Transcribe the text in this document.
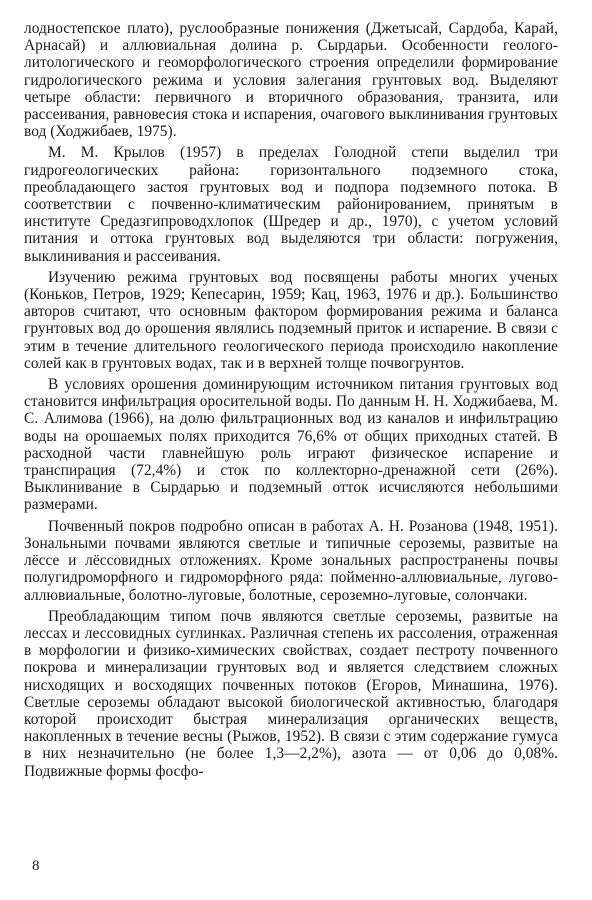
лодностепское плато), руслообразные понижения (Джетысай, Сардоба, Карай, Арнасай) и аллювиальная долина р. Сырдарьи. Особенности геолого-литологического и геоморфологического строения определили формирование гидрологического режима и условия залегания грунтовых вод. Выделяют четыре области: первичного и вторичного образования, транзита, или рассеивания, равновесия стока и испарения, очагового выклинивания грунтовых вод (Ходжибаев, 1975).

М. М. Крылов (1957) в пределах Голодной степи выделил три гидрогеологических района: горизонтального подземного стока, преобладающего застоя грунтовых вод и подпора подземного потока. В соответствии с почвенно-климатическим районированием, принятым в институте Средазгипроводхлопок (Шредер и др., 1970), с учетом условий питания и оттока грунтовых вод выделяются три области: погружения, выклинивания и рассеивания.

Изучению режима грунтовых вод посвящены работы многих ученых (Коньков, Петров, 1929; Кепесарин, 1959; Кац, 1963, 1976 и др.). Большинство авторов считают, что основным фактором формирования режима и баланса грунтовых вод до орошения являлись подземный приток и испарение. В связи с этим в течение длительного геологического периода происходило накопление солей как в грунтовых водах, так и в верхней толще почвогрунтов.

В условиях орошения доминирующим источником питания грунтовых вод становится инфильтрация оросительной воды. По данным Н. Н. Ходжибаева, М. С. Алимова (1966), на долю фильтрационных вод из каналов и инфильтрацию воды на орошаемых полях приходится 76,6% от общих приходных статей. В расходной части главнейшую роль играют физическое испарение и транспирация (72,4%) и сток по коллекторно-дренажной сети (26%). Выклинивание в Сырдарью и подземный отток исчисляются небольшими размерами.

Почвенный покров подробно описан в работах А. Н. Розанова (1948, 1951). Зональными почвами являются светлые и типичные сероземы, развитые на лёссе и лёссовидных отложениях. Кроме зональных распространены почвы полугидроморфного и гидроморфного ряда: пойменно-аллювиальные, лугово-аллювиальные, болотно-луговые, болотные, сероземно-луговые, солончаки.

Преобладающим типом почв являются светлые сероземы, развитые на лессах и лессовидных суглинках. Различная степень их рассоления, отраженная в морфологии и физико-химических свойствах, создает пестроту почвенного покрова и минерализации грунтовых вод и является следствием сложных нисходящих и восходящих почвенных потоков (Егоров, Минашина, 1976). Светлые сероземы обладают высокой биологической активностью, благодаря которой происходит быстрая минерализация органических веществ, накопленных в течение весны (Рыжов, 1952). В связи с этим содержание гумуса в них незначительно (не более 1,3—2,2%), азота — от 0,06 до 0,08%. Подвижные формы фосфо-

8
